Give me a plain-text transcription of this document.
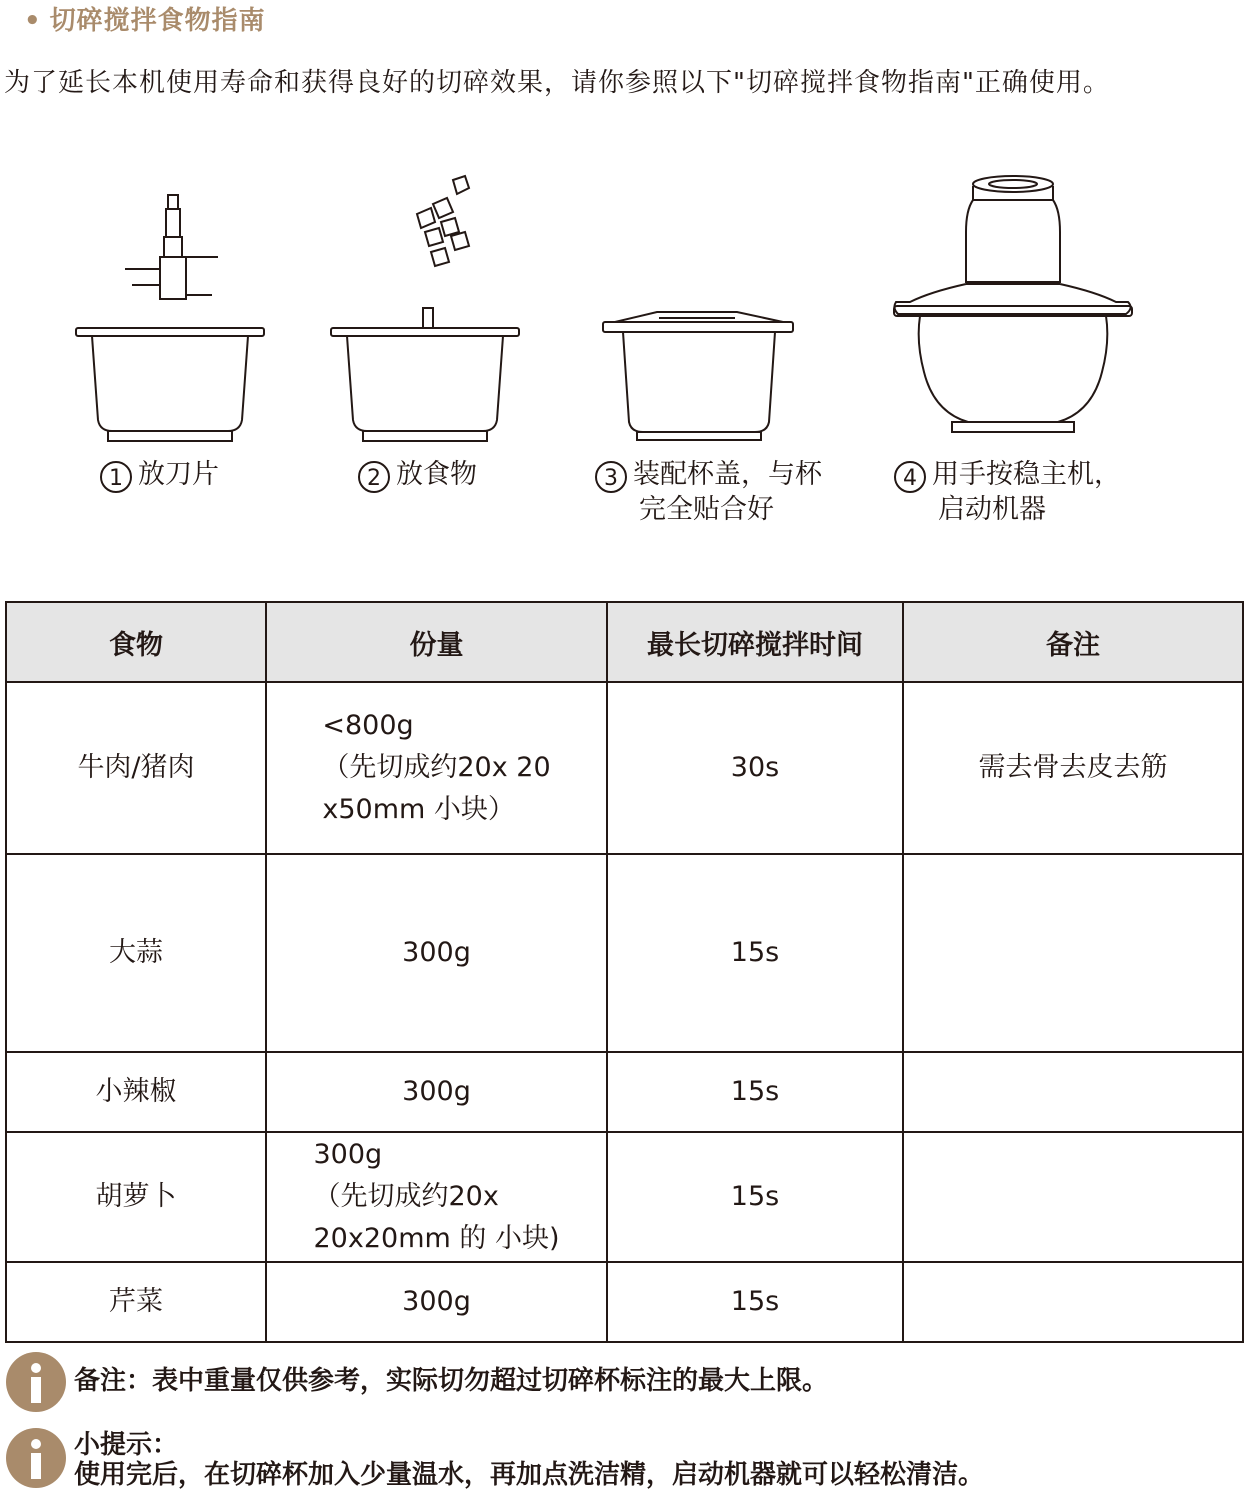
• 切碎搅拌食物指南
为了延长本机使用寿命和获得良好的切碎效果，请你参照以下"切碎搅拌食物指南"正确使用。
1 放刀片	2 放食物	3 装配杯盖，与杯
完全贴合好
4 用手按稳主机，
启动机器
食物	份量	最长切碎搅拌时间	备注
牛肉/猪肉	<800g
（先切成约20x 20
x50mm 小块）	30s	需去骨去皮去筋
大蒜	300g	15s	
小辣椒	300g	15s	
胡萝卜	300g
（先切成约20x
20x20mm 的 小块)	15s	
芹菜	300g	15s	
备注：表中重量仅供参考，实际切勿超过切碎杯标注的最大上限。
小提示：
使用完后，在切碎杯加入少量温水，再加点洗洁精，启动机器就可以轻松清洁。
